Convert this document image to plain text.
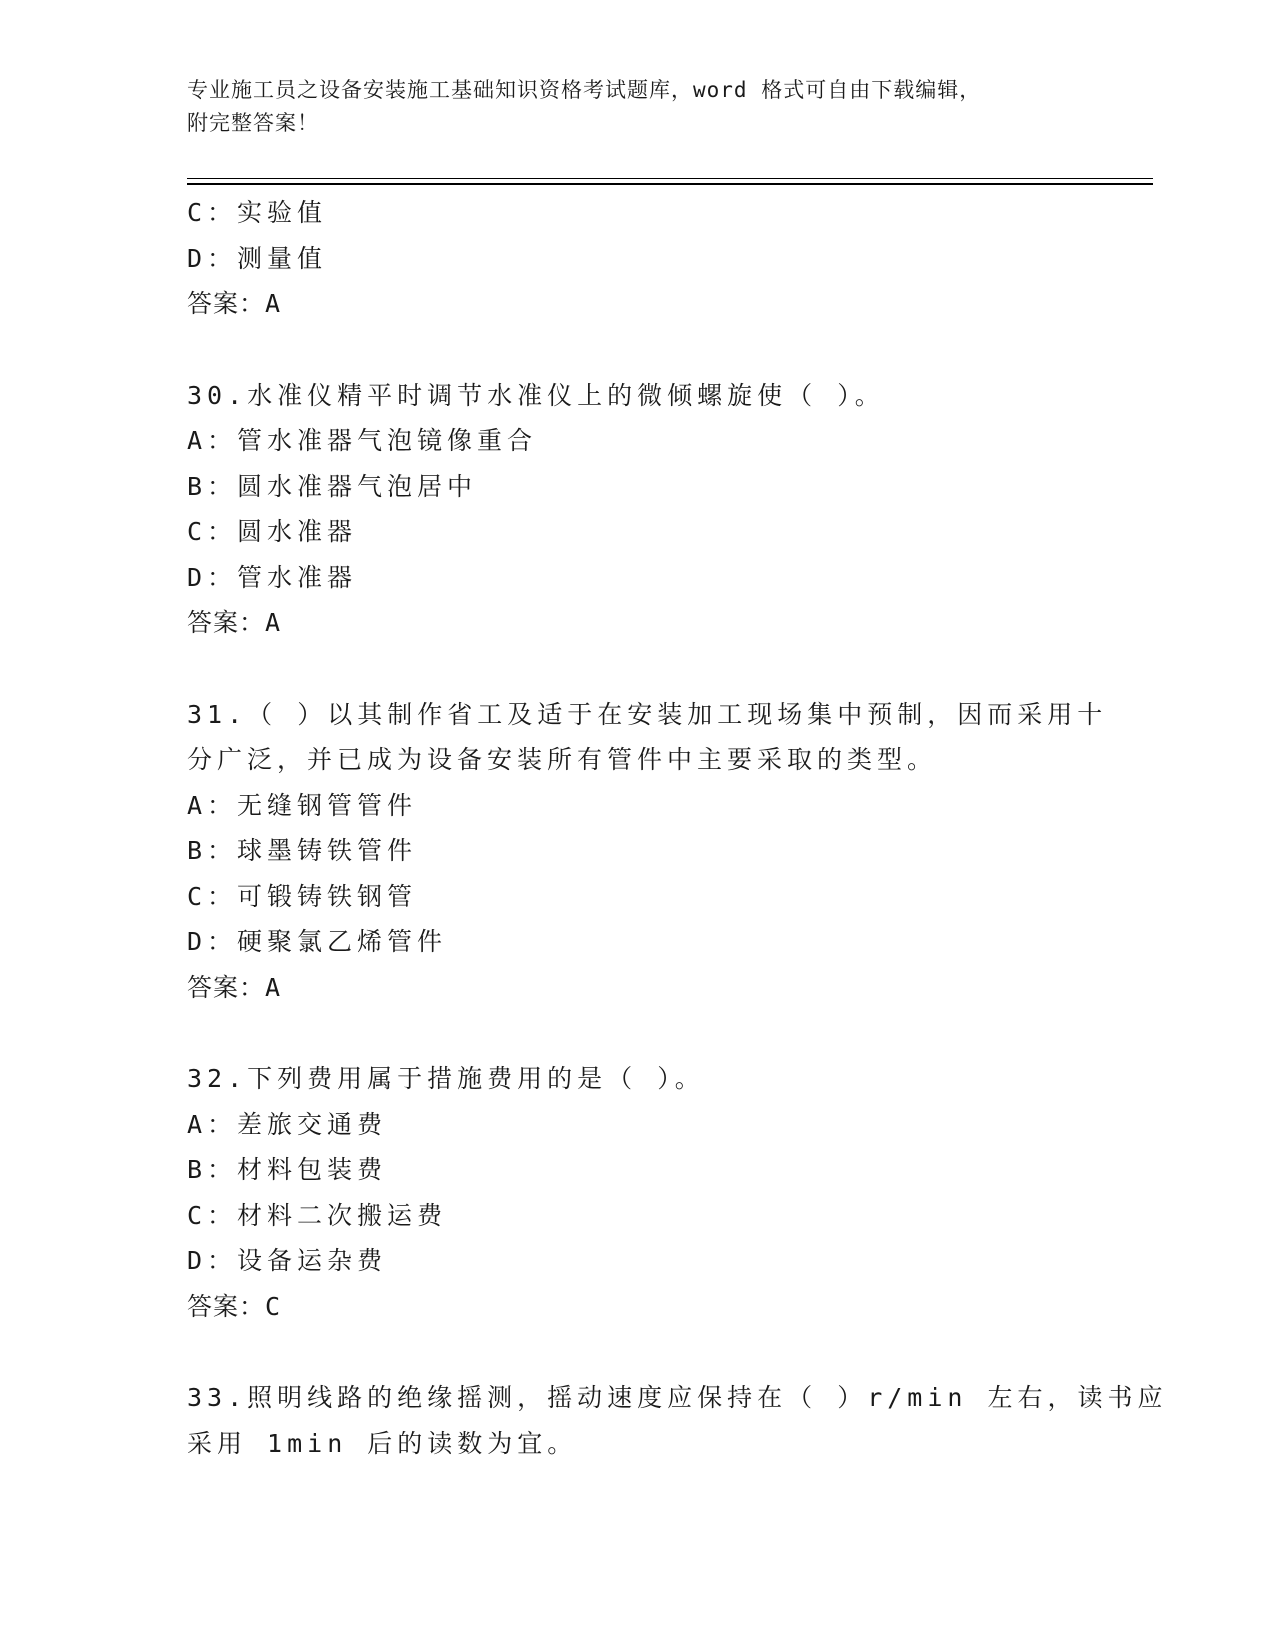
专业施工员之设备安装施工基础知识资格考试题库，word 格式可自由下载编辑，
附完整答案！
C：实验值
D：测量值
答案：A
30.水准仪精平时调节水准仪上的微倾螺旋使（ ）。
A：管水准器气泡镜像重合
B：圆水准器气泡居中
C：圆水准器
D：管水准器
答案：A
31.（ ）以其制作省工及适于在安装加工现场集中预制，因而采用十
分广泛，并已成为设备安装所有管件中主要采取的类型。
A：无缝钢管管件
B：球墨铸铁管件
C：可锻铸铁钢管
D：硬聚氯乙烯管件
答案：A
32.下列费用属于措施费用的是（ ）。
A：差旅交通费
B：材料包装费
C：材料二次搬运费
D：设备运杂费
答案：C
33.照明线路的绝缘摇测，摇动速度应保持在（ ）r/min 左右，读书应
采用 1min 后的读数为宜。
